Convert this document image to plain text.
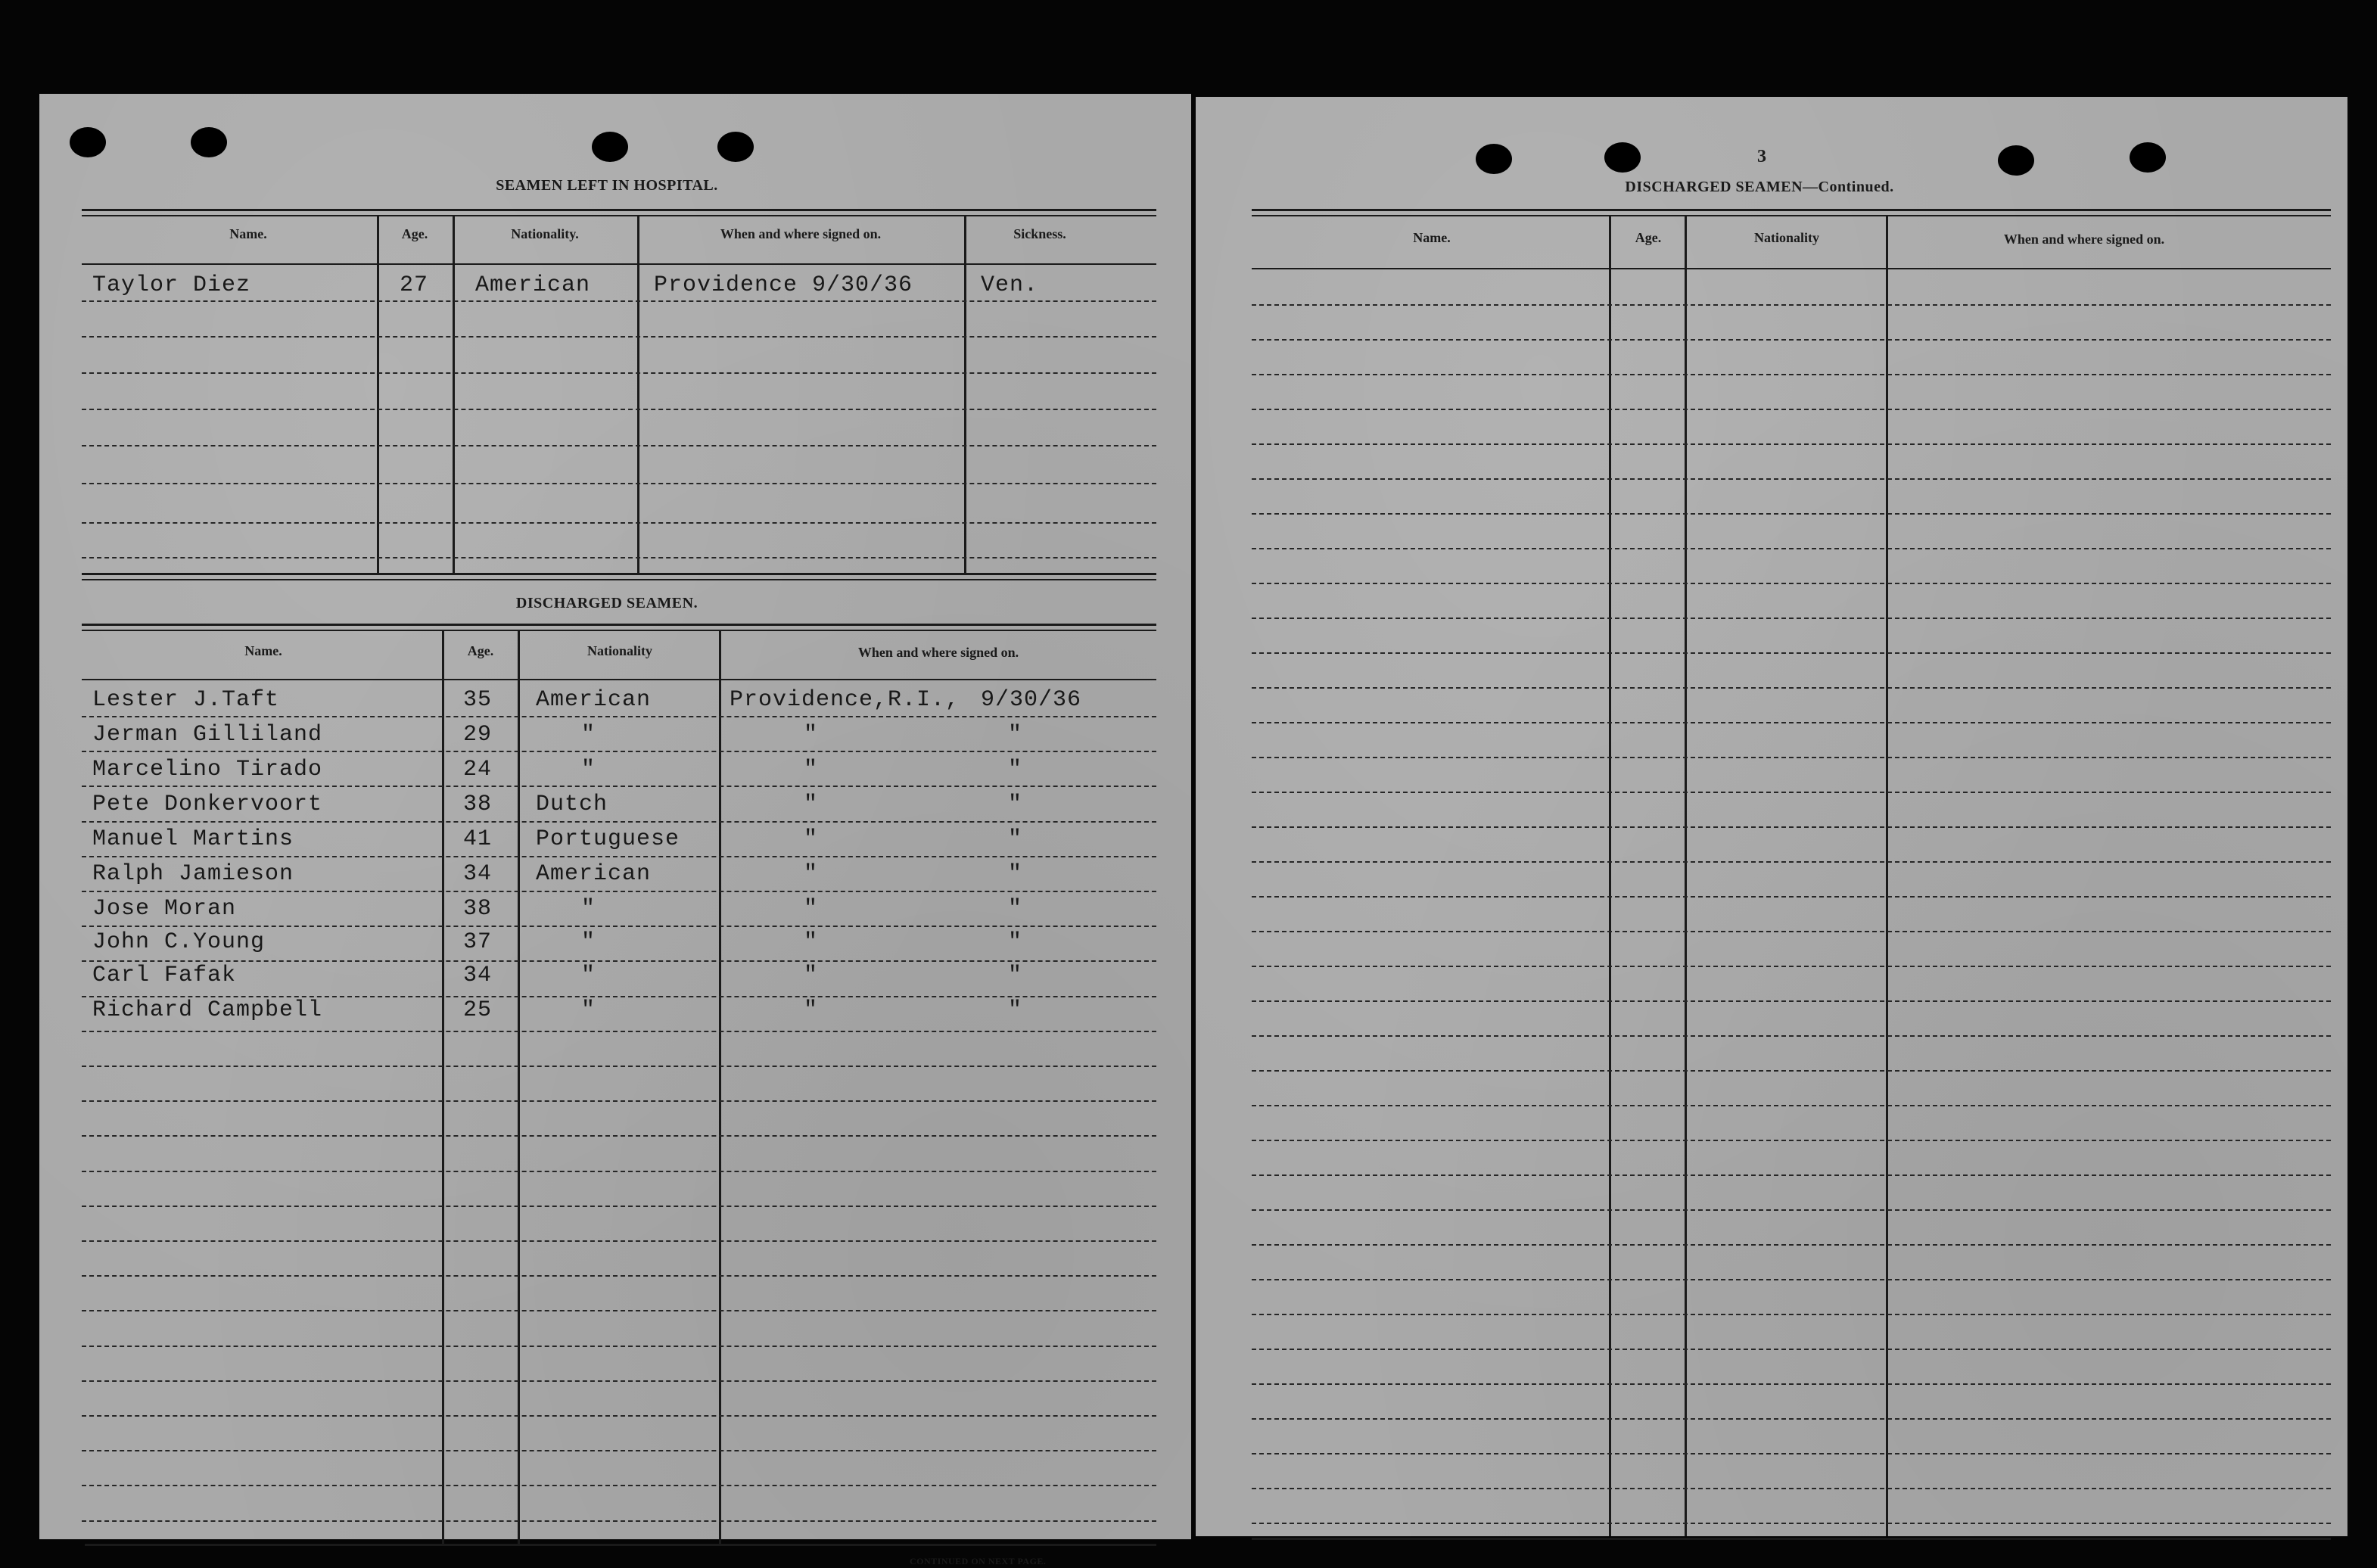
SEAMEN LEFT IN HOSPITAL.
Name.	Age.	Nationality.	When and where signed on.	Sickness.
Taylor Diez	27 American	Providence 9/30/36	Ven.
DISCHARGED SEAMEN.
Name.	Age.	Nationality	When and where signed on.
Lester J.Taft	35 American	Providence,R.I., 9/30/36
Jerman Gilliland	29	"	"	"
Marcelino Tirado	24	"	"	"
Pete Donkervoort	38 Dutch	"	"
Manuel Martins	41 Portuguese	"	"
Ralph Jamieson	34 American	"	"
Jose Moran	38	"	"	"
John C.Young	37	"	"	"
Carl Fafak	34	"	"	"
Richard Campbell	25	"	"	"
CONTINUED ON NEXT PAGE.
3
DISCHARGED SEAMEN—Continued.
Name.	Age.	Nationality	When and where signed on.
